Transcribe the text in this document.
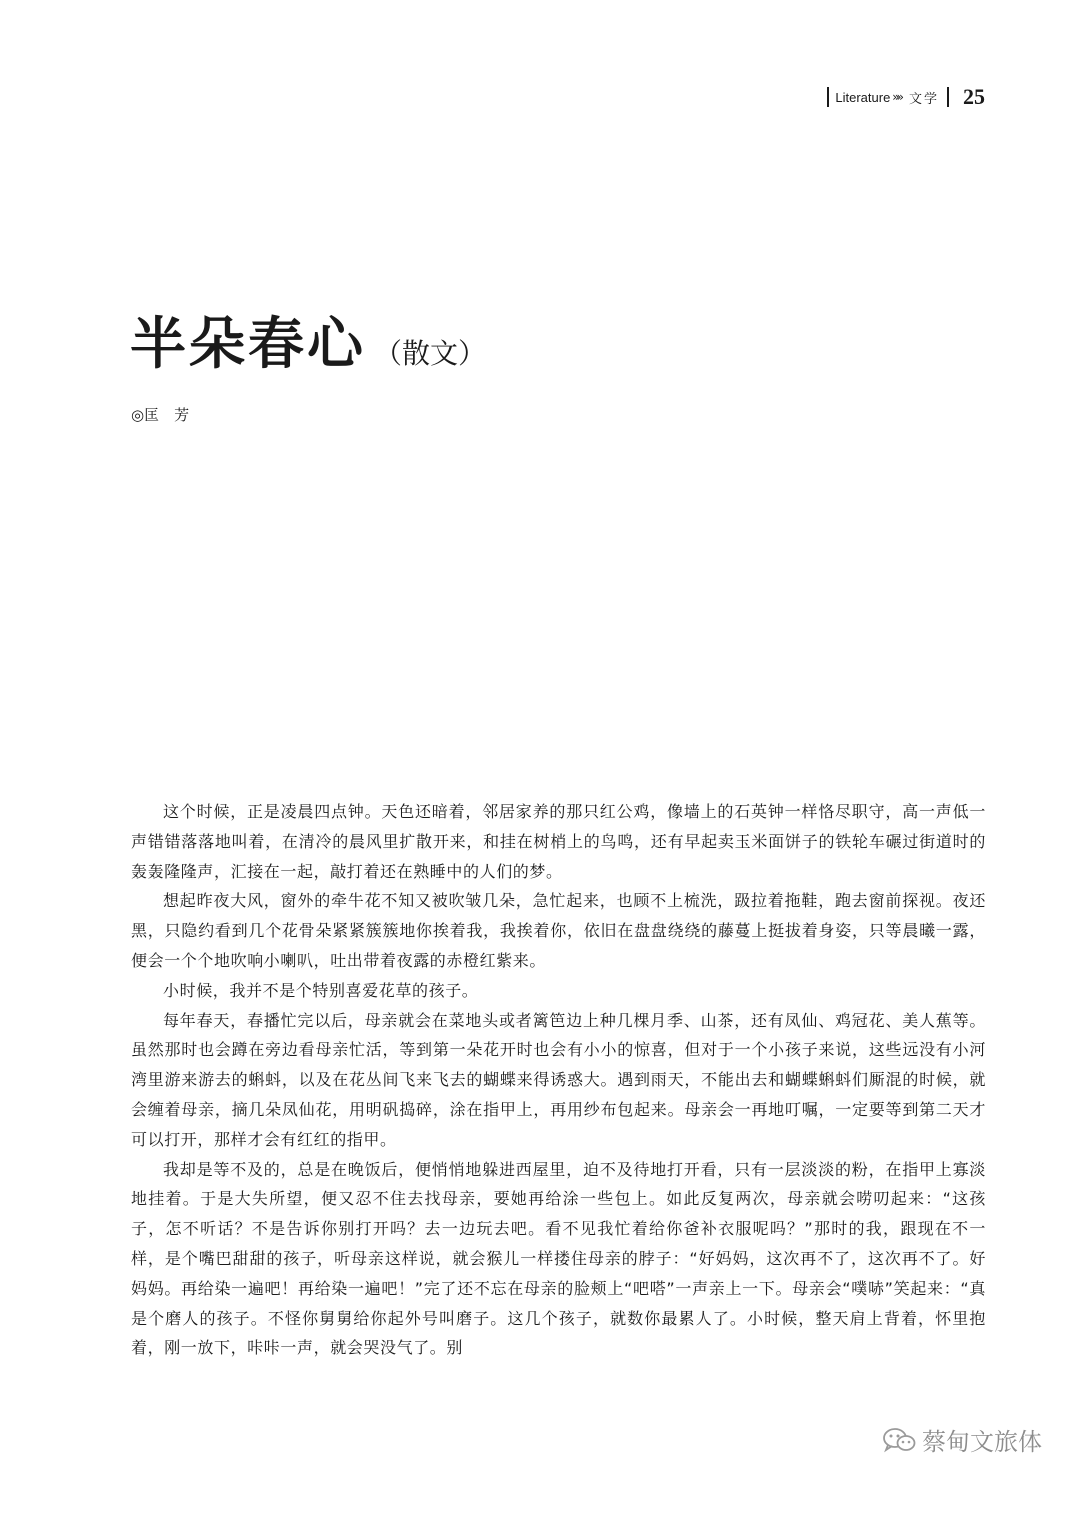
Literature »» 文学 25
半朵春心 （散文）
◎匡　芳

这个时候，正是凌晨四点钟。天色还暗着，邻居家养的那只红公鸡，像墙上的石英钟一样恪尽职守，高一声低一声错错落落地叫着，在清冷的晨风里扩散开来，和挂在树梢上的鸟鸣，还有早起卖玉米面饼子的铁轮车碾过街道时的轰轰隆隆声，汇接在一起，敲打着还在熟睡中的人们的梦。

想起昨夜大风，窗外的牵牛花不知又被吹皱几朵，急忙起来，也顾不上梳洗，趿拉着拖鞋，跑去窗前探视。夜还黑，只隐约看到几个花骨朵紧紧簇簇地你挨着我，我挨着你，依旧在盘盘绕绕的藤蔓上挺拔着身姿，只等晨曦一露，便会一个个地吹响小喇叭，吐出带着夜露的赤橙红紫来。

小时候，我并不是个特别喜爱花草的孩子。

每年春天，春播忙完以后，母亲就会在菜地头或者篱笆边上种几棵月季、山茶，还有凤仙、鸡冠花、美人蕉等。虽然那时也会蹲在旁边看母亲忙活，等到第一朵花开时也会有小小的惊喜，但对于一个小孩子来说，这些远没有小河湾里游来游去的蝌蚪，以及在花丛间飞来飞去的蝴蝶来得诱惑大。遇到雨天，不能出去和蝴蝶蝌蚪们厮混的时候，就会缠着母亲，摘几朵凤仙花，用明矾捣碎，涂在指甲上，再用纱布包起来。母亲会一再地叮嘱，一定要等到第二天才可以打开，那样才会有红红的指甲。

我却是等不及的，总是在晚饭后，便悄悄地躲进西屋里，迫不及待地打开看，只有一层淡淡的粉，在指甲上寡淡地挂着。于是大失所望，便又忍不住去找母亲，要她再给涂一些包上。如此反复两次，母亲就会唠叨起来：“这孩子，怎不听话？不是告诉你别打开吗？去一边玩去吧。看不见我忙着给你爸补衣服呢吗？”那时的我，跟现在不一样，是个嘴巴甜甜的孩子，听母亲这样说，就会猴儿一样搂住母亲的脖子：“好妈妈，这次再不了，这次再不了。好妈妈。再给染一遍吧！再给染一遍吧！”完了还不忘在母亲的脸颊上“吧嗒”一声亲上一下。母亲会“噗哧”笑起来：“真是个磨人的孩子。不怪你舅舅给你起外号叫磨子。这几个孩子，就数你最累人了。小时候，整天肩上背着，怀里抱着，刚一放下，咔咔一声，就会哭没气了。别

蔡甸文旅体
